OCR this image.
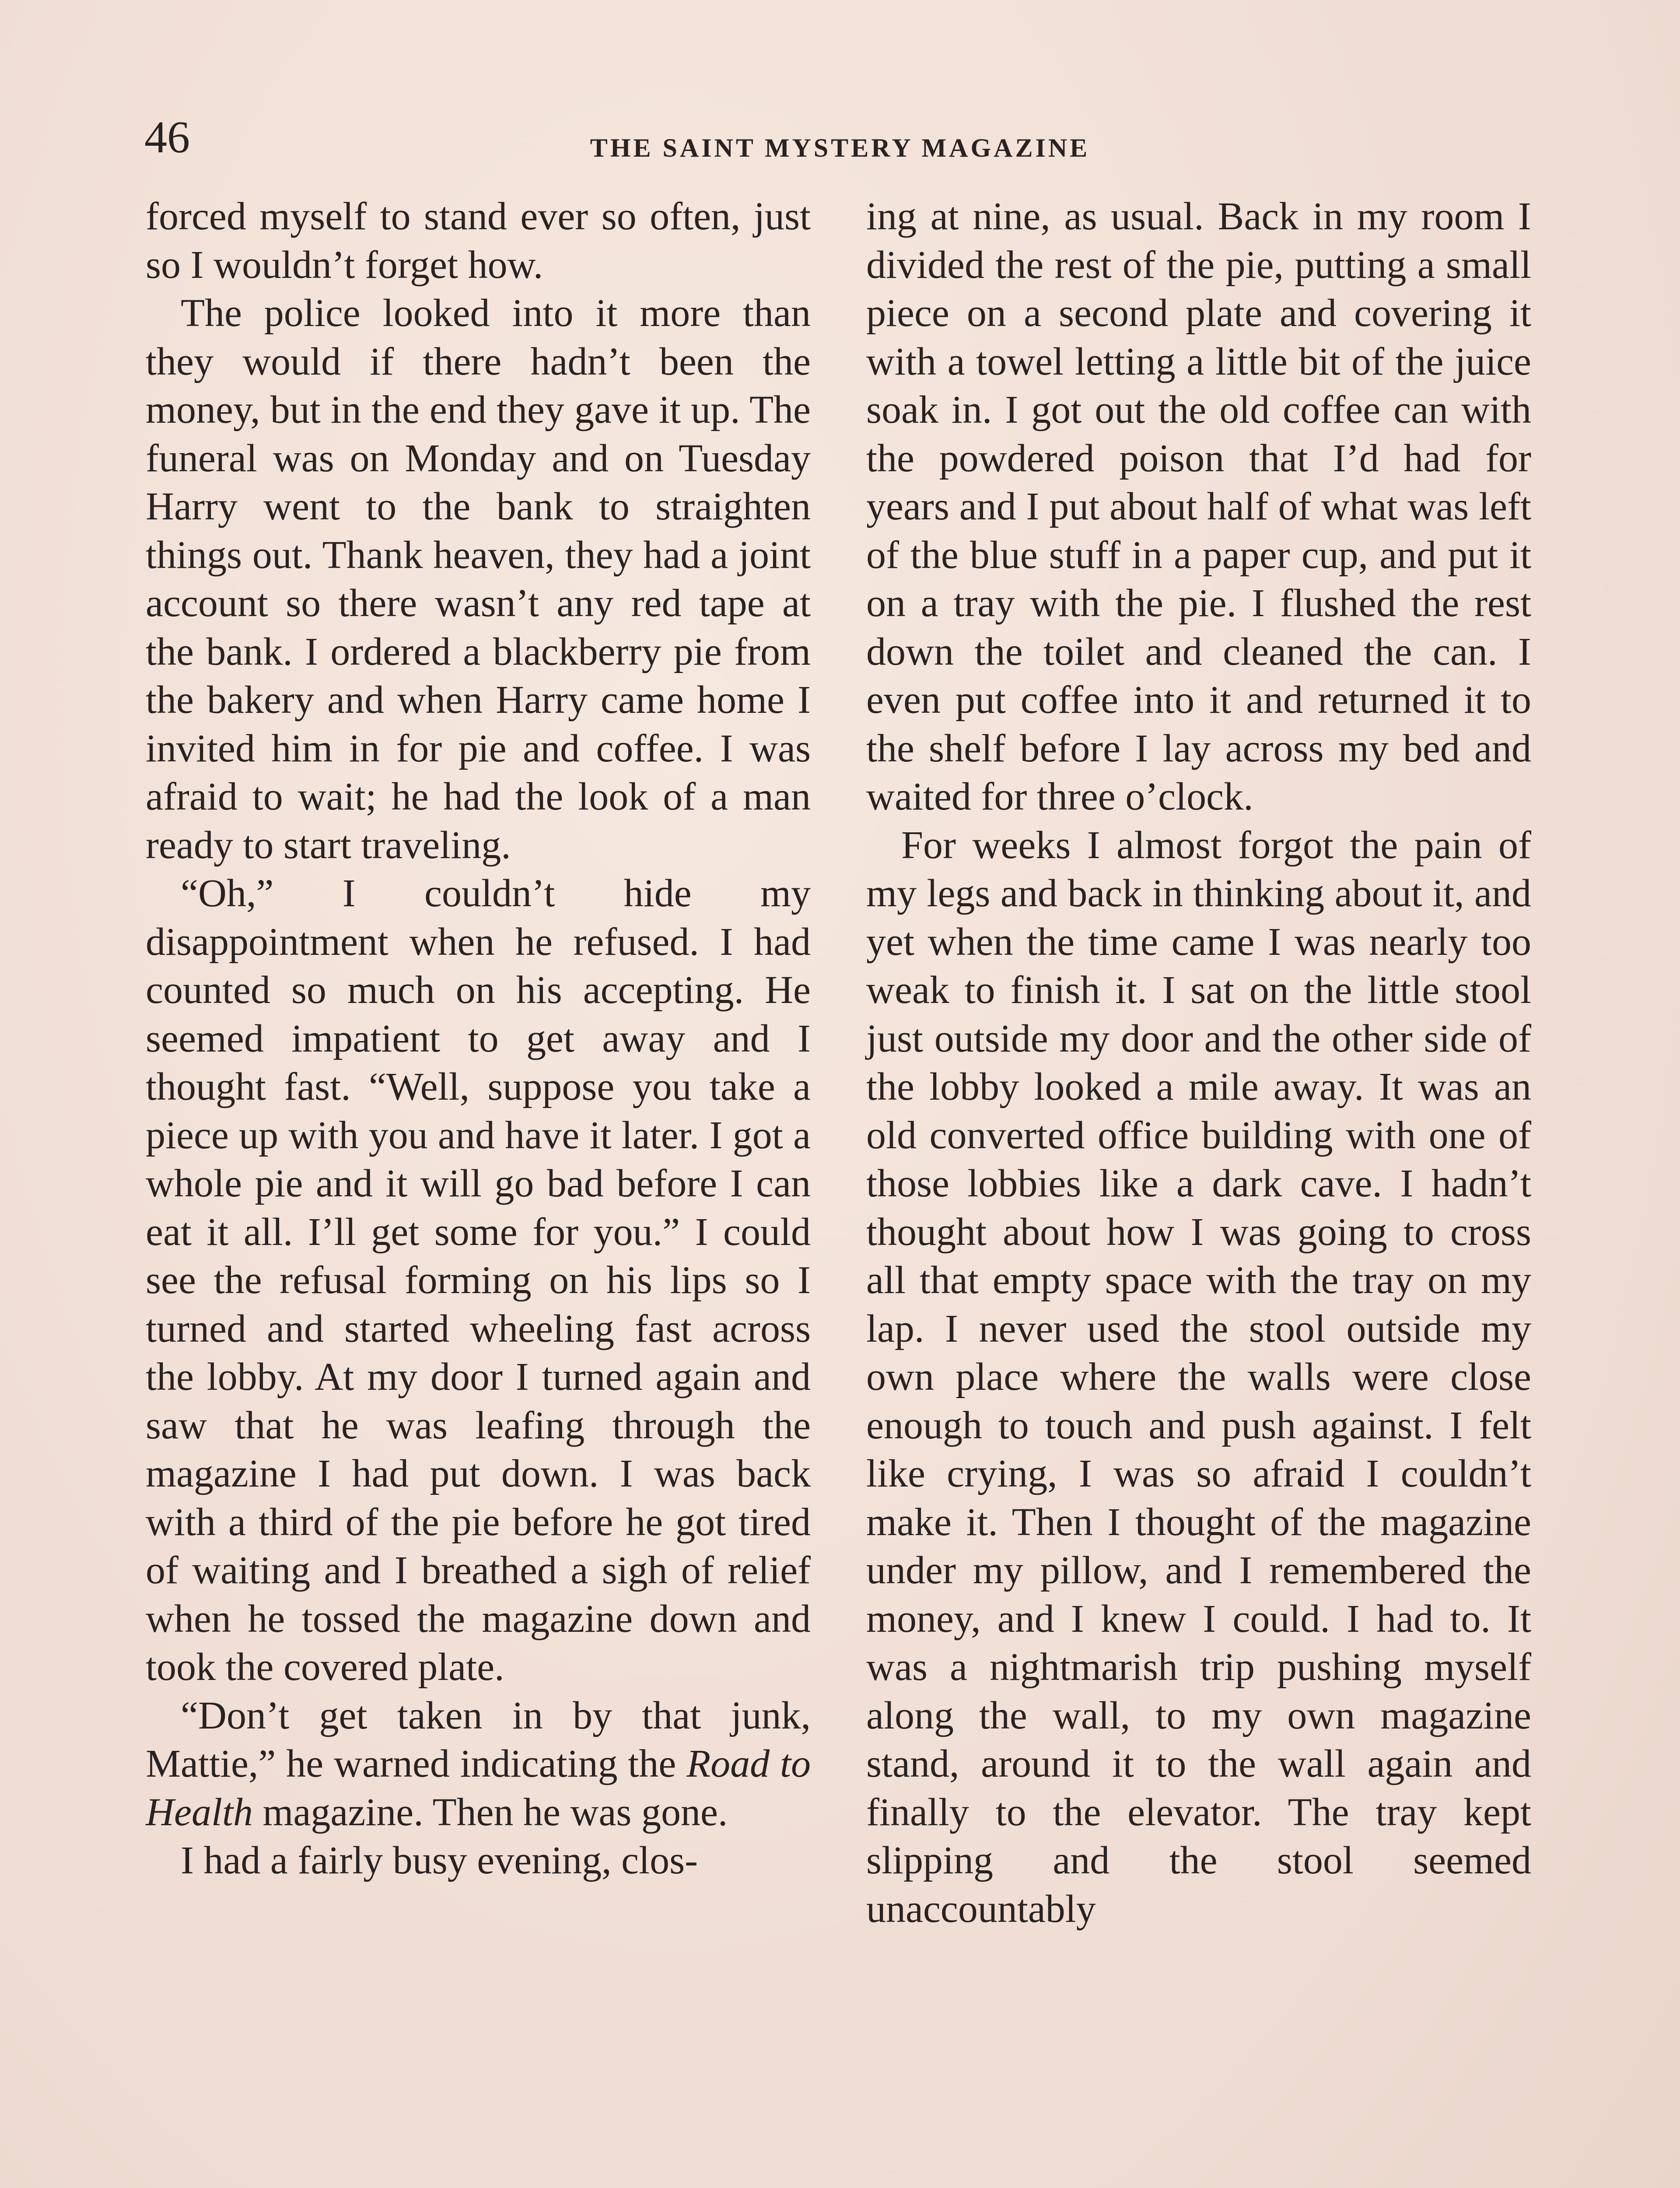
46	THE SAINT MYSTERY MAGAZINE

forced myself to stand ever so often, just so I wouldn’t forget how.

The police looked into it more than they would if there hadn’t been the money, but in the end they gave it up. The funeral was on Monday and on Tuesday Harry went to the bank to straighten things out. Thank heaven, they had a joint account so there wasn’t any red tape at the bank. I ordered a blackberry pie from the bakery and when Harry came home I invited him in for pie and coffee. I was afraid to wait; he had the look of a man ready to start traveling.

“Oh,” I couldn’t hide my disappointment when he refused. I had counted so much on his accepting. He seemed impatient to get away and I thought fast. “Well, suppose you take a piece up with you and have it later. I got a whole pie and it will go bad before I can eat it all. I’ll get some for you.” I could see the refusal forming on his lips so I turned and started wheeling fast across the lobby. At my door I turned again and saw that he was leafing through the magazine I had put down. I was back with a third of the pie before he got tired of waiting and I breathed a sigh of relief when he tossed the magazine down and took the covered plate.

“Don’t get taken in by that junk, Mattie,” he warned indicating the Road to Health magazine. Then he was gone.

I had a fairly busy evening, clos-

ing at nine, as usual. Back in my room I divided the rest of the pie, putting a small piece on a second plate and covering it with a towel letting a little bit of the juice soak in. I got out the old coffee can with the powdered poison that I’d had for years and I put about half of what was left of the blue stuff in a paper cup, and put it on a tray with the pie. I flushed the rest down the toilet and cleaned the can. I even put coffee into it and returned it to the shelf before I lay across my bed and waited for three o’clock.

For weeks I almost forgot the pain of my legs and back in thinking about it, and yet when the time came I was nearly too weak to finish it. I sat on the little stool just outside my door and the other side of the lobby looked a mile away. It was an old converted office building with one of those lobbies like a dark cave. I hadn’t thought about how I was going to cross all that empty space with the tray on my lap. I never used the stool outside my own place where the walls were close enough to touch and push against. I felt like crying, I was so afraid I couldn’t make it. Then I thought of the magazine under my pillow, and I remembered the money, and I knew I could. I had to. It was a nightmarish trip pushing myself along the wall, to my own magazine stand, around it to the wall again and finally to the elevator. The tray kept slipping and the stool seemed unaccountably
